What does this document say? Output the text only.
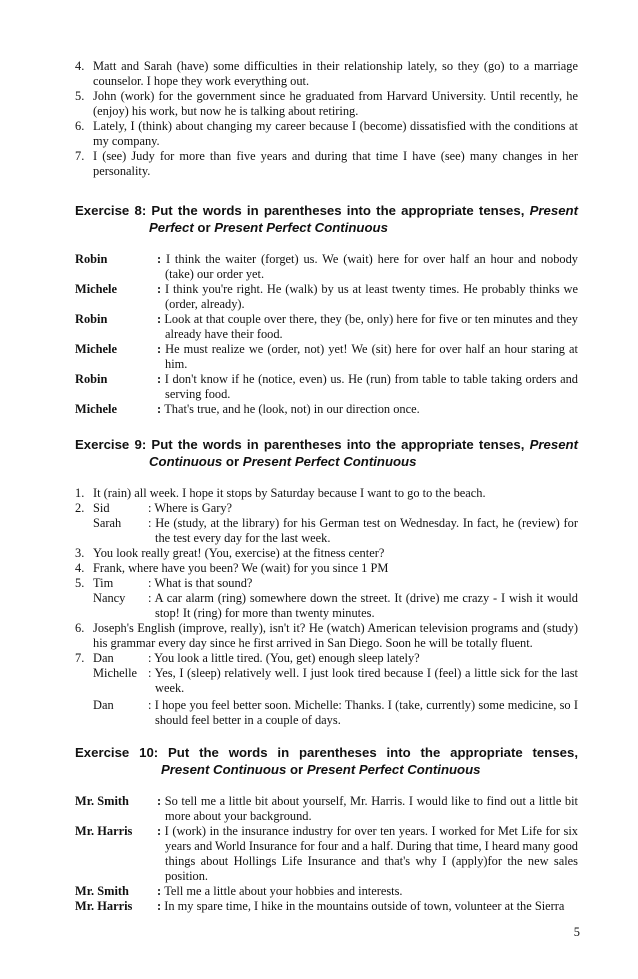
4. Matt and Sarah (have) some difficulties in their relationship lately, so they (go) to a marriage counselor. I hope they work everything out.
5. John (work) for the government since he graduated from Harvard University. Until recently, he (enjoy) his work, but now he is talking about retiring.
6. Lately, I (think) about changing my career because I (become) dissatisfied with the conditions at my company.
7. I (see) Judy for more than five years and during that time I have (see) many changes in her personality.
Exercise 8: Put the words in parentheses into the appropriate tenses, Present
Perfect or Present Perfect Continuous
Robin	: I think the waiter (forget) us. We (wait) here for over half an hour and nobody (take) our order yet.
Michele	: I think you're right. He (walk) by us at least twenty times. He probably thinks we (order, already).
Robin	: Look at that couple over there, they (be, only) here for five or ten minutes and they already have their food.
Michele	: He must realize we (order, not) yet! We (sit) here for over half an hour staring at him.
Robin	: I don't know if he (notice, even) us. He (run) from table to table taking orders and serving food.
Michele	: That's true, and he (look, not) in our direction once.
Exercise 9: Put the words in parentheses into the appropriate tenses, Present
Continuous or Present Perfect Continuous
1. It (rain) all week. I hope it stops by Saturday because I want to go to the beach.
2. Sid	: Where is Gary?
Sarah : He (study, at the library) for his German test on Wednesday. In fact, he (review) for the test every day for the last week.
3. You look really great! (You, exercise) at the fitness center?
4. Frank, where have you been? We (wait) for you since 1 PM
5. Tim	: What is that sound?
Nancy : A car alarm (ring) somewhere down the street. It (drive) me crazy - I wish it would stop! It (ring) for more than twenty minutes.
6. Joseph's English (improve, really), isn't it? He (watch) American television programs and (study) his grammar every day since he first arrived in San Diego. Soon he will be totally fluent.
7. Dan	: You look a little tired. (You, get) enough sleep lately?
Michelle : Yes, I (sleep) relatively well. I just look tired because I (feel) a little sick for the last week.
Dan	: I hope you feel better soon. Michelle: Thanks. I (take, currently) some medicine, so I should feel better in a couple of days.
Exercise 10: Put the words in parentheses into the appropriate tenses,
Present Continuous or Present Perfect Continuous
Mr. Smith : So tell me a little bit about yourself, Mr. Harris. I would like to find out a little bit more about your background.
Mr. Harris : I (work) in the insurance industry for over ten years. I worked for Met Life for six years and World Insurance for four and a half. During that time, I heard many good things about Hollings Life Insurance and that's why I (apply)for the new sales position.
Mr. Smith : Tell me a little about your hobbies and interests.
Mr. Harris : In my spare time, I hike in the mountains outside of town, volunteer at the Sierra
5
